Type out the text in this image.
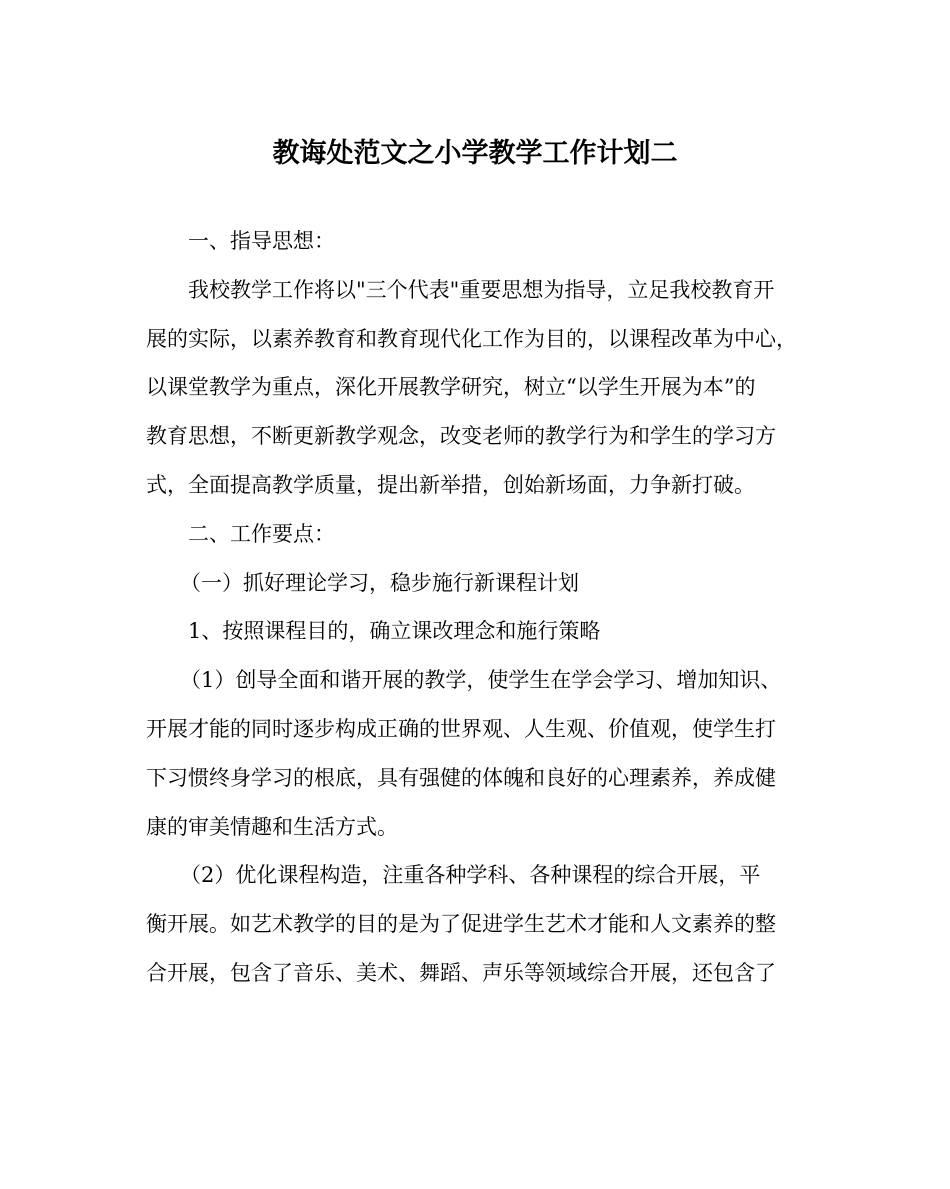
教诲处范文之小学教学工作计划二
一、指导思想：
我校教学工作将以"三个代表"重要思想为指导，立足我校教育开
展的实际，以素养教育和教育现代化工作为目的，以课程改革为中心，
以课堂教学为重点，深化开展教学研究，树立“以学生开展为本”的
教育思想，不断更新教学观念，改变老师的教学行为和学生的学习方
式，全面提高教学质量，提出新举措，创始新场面，力争新打破。
二、工作要点：
（一）抓好理论学习，稳步施行新课程计划
1、按照课程目的，确立课改理念和施行策略
（1）创导全面和谐开展的教学，使学生在学会学习、增加知识、
开展才能的同时逐步构成正确的世界观、人生观、价值观，使学生打
下习惯终身学习的根底，具有强健的体魄和良好的心理素养，养成健
康的审美情趣和生活方式。
（2）优化课程构造，注重各种学科、各种课程的综合开展，平
衡开展。如艺术教学的目的是为了促进学生艺术才能和人文素养的整
合开展，包含了音乐、美术、舞蹈、声乐等领域综合开展，还包含了
